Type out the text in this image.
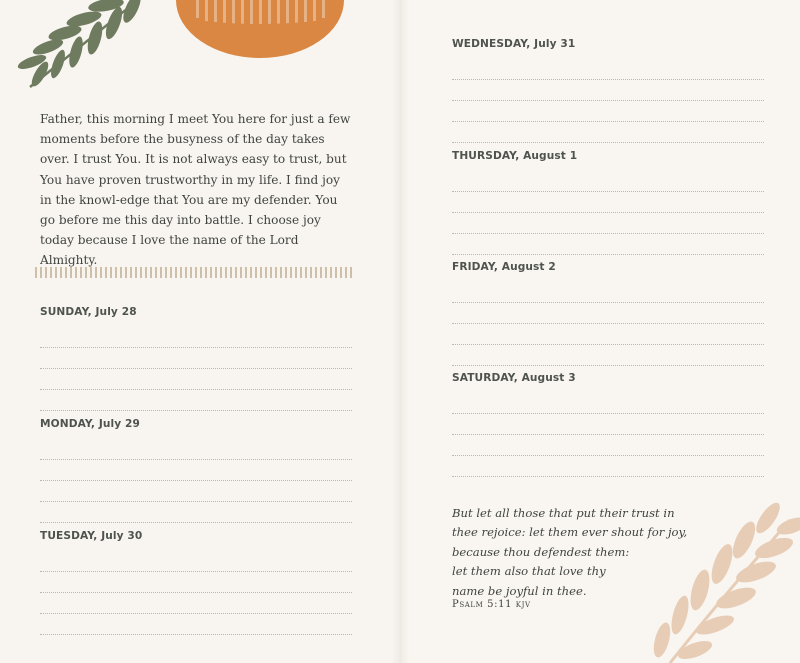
Father, this morning I meet You here for just a few moments before the busyness of the day takes over. I trust You. It is not always easy to trust, but You have proven trustworthy in my life. I find joy in the knowl-edge that You are my defender. You go before me this day into battle. I choose joy today because I love the name of the Lord Almighty.

SUNDAY, July 28
MONDAY, July 29
TUESDAY, July 30
WEDNESDAY, July 31
THURSDAY, August 1
FRIDAY, August 2
SATURDAY, August 3
But let all those that put their trust in
thee rejoice: let them ever shout for joy,
because thou defendest them:
let them also that love thy
name be joyful in thee.
Psalm 5:11 kjv
